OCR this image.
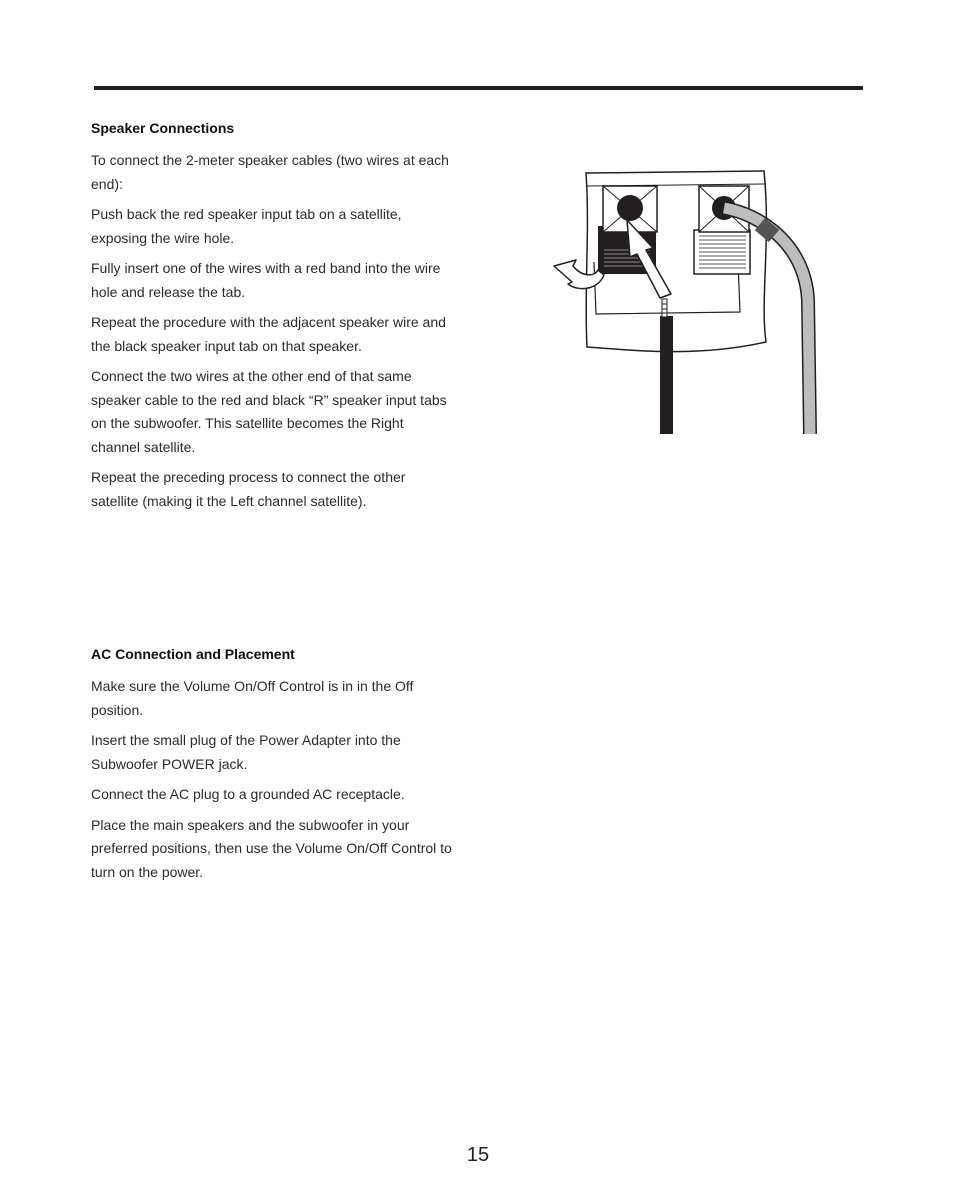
Speaker Connections

To connect the 2-meter speaker cables (two wires at each end):

Push back the red speaker input tab on a satellite, exposing the wire hole.

Fully insert one of the wires with a red band into the wire hole and release the tab.

Repeat the procedure with the adjacent speaker wire and the black speaker input tab on that speaker.

Connect the two wires at the other end of that same speaker cable to the red and black “R” speaker input tabs on the subwoofer. This satellite becomes the Right channel satellite.

Repeat the preceding process to connect the other satellite (making it the Left channel satellite).

AC Connection and Placement

Make sure the Volume On/Off Control is in in the Off position.

Insert the small plug of the Power Adapter into the Subwoofer POWER jack.

Connect the AC plug to a grounded AC receptacle.

Place the main speakers and the subwoofer in your preferred positions, then use the Volume On/Off Control to turn on the power.

15
